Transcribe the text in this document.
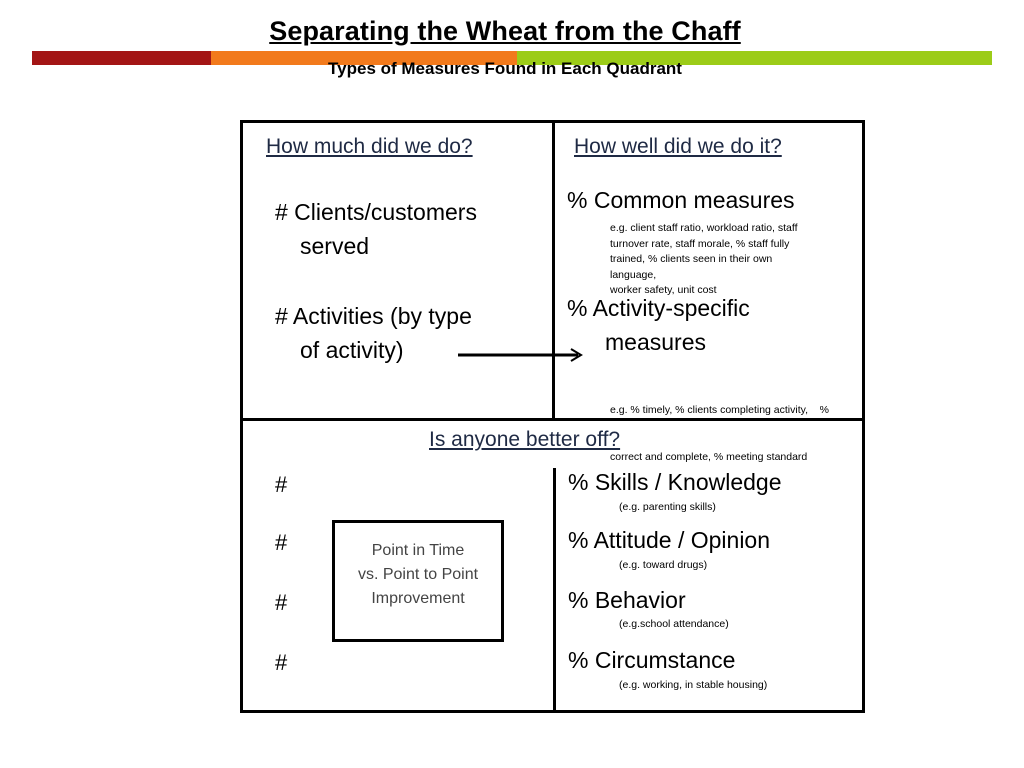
Separating the Wheat from the Chaff
Types of Measures Found in Each Quadrant
How much did we do?
# Clients/customers
served
# Activities (by type
of activity)
How well did we do it?
% Common measures
e.g. client staff ratio, workload ratio, staff
turnover rate, staff morale, % staff fully
trained, % clients seen in their own
language,
worker safety, unit cost
% Activity-specific
measures

e.g. % timely, % clients completing activity,    %

correct and complete, % meeting standard

Is anyone better off?
#
#
#
#
Point in Time
vs. Point to Point
Improvement
% Skills / Knowledge
(e.g. parenting skills)
% Attitude / Opinion
(e.g. toward drugs)
% Behavior
(e.g.school attendance)
% Circumstance
(e.g. working, in stable housing)
